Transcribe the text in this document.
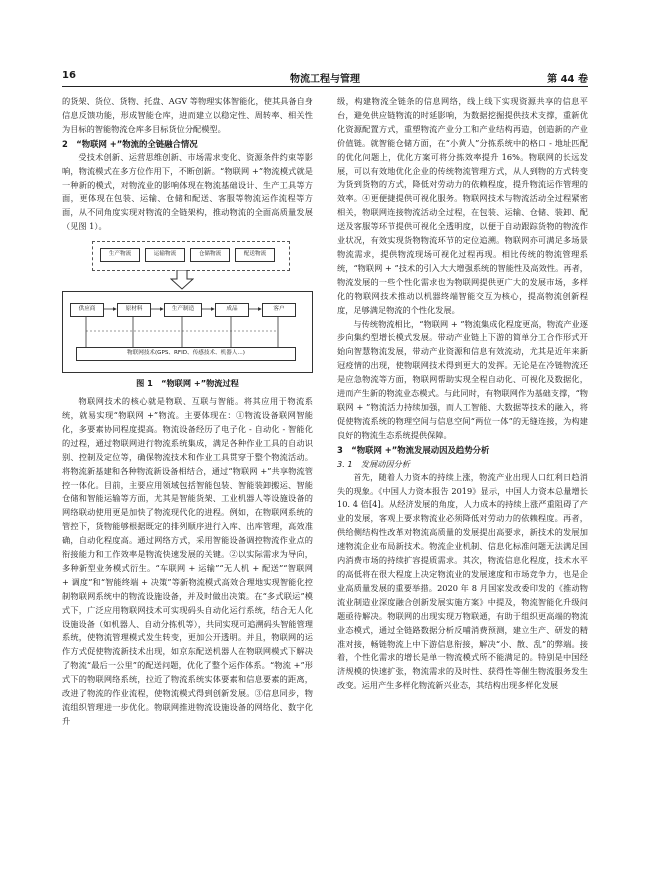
16	物流工程与管理	第 44 卷

的货架、货位、货物、托盘、AGV 等物理实体智能化，使其具备自身信息反馈功能，形成智能仓库，进而建立以稳定性、周转率、相关性为目标的智能物流仓库多目标货位分配模型。

2　“物联网 +”物流的全链融合情况

受技术创新、运营思维创新、市场需求变化、资源条件约束等影响，物流模式在多方位作用下，不断创新。“物联网 +”物流模式就是一种新的模式，对物流业的影响体现在物流基础设计、生产工具等方面，更体现在包装、运输、仓储和配送、客服等物流运作流程等方面，从不同角度实现对物流的全链架构，推动物流的全面高质量发展（见图 1）。

生产物流	运输物流	仓储物流	配送物流
供应商	原材料	生产制造	成品	客户
物联网技术(GPS、RFID、传感技术、机器人...)

图 1　“物联网 +”物流过程

物联网技术的核心就是物联、互联与智能。将其应用于物流系统，就易实现“物联网 +”物流。主要体现在：①物流设备联网智能化，多要素协同程度提高。物流设备经历了电子化 - 自动化 - 智能化的过程，通过物联网进行物流系统集成，满足各种作业工具的自动识别、控制及定位等，确保物流技术和作业工具贯穿于整个物流活动。将物流新基建和各种物流新设备相结合，通过“物联网 +”共享物流管控一体化。目前，主要应用领域包括智能包装、智能装卸搬运、智能仓储和智能运输等方面，尤其是智能货架、工业机器人等设施设备的网络联动使用更是加快了物流现代化的进程。例如，在物联网系统的管控下，货物能够根据既定的排列顺序进行入库、出库管理，高效准确，自动化程度高。通过网络方式，采用智能设备调控物流作业点的衔接能力和工作效率是物流快速发展的关键。②以实际需求为导向，多种新型业务模式衍生。“车联网 + 运输”“无人机 + 配送”“智联网 + 调度”和“智能终端 + 决策”等新物流模式高效合理地实现智能化控制物联网系统中的物流设施设备，并及时做出决策。在“多式联运”模式下，广泛应用物联网技术可实现码头自动化运行系统，结合无人化设施设备（如机器人、自动分拣机等），共同实现可追溯码头智能管理系统，使物流管理模式发生转变，更加公开透明。并且，物联网的运作方式促使物流新技术出现，如京东配送机器人在物联网模式下解决了物流“最后一公里”的配送问题，优化了整个运作体系。“物流 +”形式下的物联网络系统，拉近了物流系统实体要素和信息要素的距离，改进了物流的作业流程，使物流模式得到创新发展。③信息同步，物流组织管理进一步优化。物联网推进物流设施设备的网络化、数字化升

级，构建物流全链条的信息网络，线上线下实现资源共享的信息平台，避免供应链物流的时延影响，为数据挖掘提供技术支撑，重新优化资源配置方式，重塑物流产业分工和产业结构再造，创造新的产业价值链。就智能仓储方面，在“小黄人”分拣系统中的格口 - 地址匹配的优化问题上，优化方案可将分拣效率提升 16%。物联网的长远发展，可以有效地优化企业的传统物流管理方式，从人到物的方式转变为货到货物的方式，降低对劳动力的依赖程度，提升物流运作管理的效率。④更便捷提供可视化服务。物联网技术与物流活动全过程紧密相关，物联网连接物流活动全过程，在包装、运输、仓储、装卸、配送及客服等环节提供可视化全透明度，以便于自动跟踪货物的物流作业状况，有效实现货物物流环节的定位追溯。物联网亦可满足多场景物流需求，提供物流现场可视化过程再现。相比传统的物流管理系统，“物联网 + ”技术的引入大大增强系统的智能性及高效性。再者，物流发展的一些个性化需求也为物联网提供更广大的发展市场，多样化的物联网技术推动以机器终端智能交互为核心，提高物流创新程度，足够满足物流的个性化发展。

与传统物流相比，“物联网 + ”物流集成化程度更高，物流产业逐步向集约型增长模式发展。带动产业链上下游的简单分工合作形式开始向智慧物流发展，带动产业资源和信息有效流动，尤其是近年来新冠疫情的出现，使物联网技术得到更大的发挥。无论是在冷链物流还是应急物流等方面，物联网帮助实现全程自动化、可视化及数据化，进而产生新的物流业态模式。与此同时，有物联网作为基础支撑，“物联网 + ”物流活力持续加强，而人工智能、大数据等技术的融入，将促使物流系统的物理空间与信息空间“两位一体”的无缝连接，为构建良好的物流生态系统提供保障。

3　“物联网 +”物流发展动因及趋势分析

3. 1　发展动因分析

首先，随着人力资本的持续上涨，物流产业出现人口红利日趋消失的现象。《中国人力资本报告 2019》显示，中国人力资本总量增长 10. 4 倍[4]。从经济发展的角度，人力成本的持续上涨严重阻碍了产业的发展，客观上要求物流业必须降低对劳动力的依赖程度。再者，供给侧结构性改革对物流高质量的发展提出高要求，新技术的发展加速物流企业布局新技术。物流企业机制、信息化标准问题无法满足国内消费市场的持续扩容提质需求。其次，物流信息化程度，技术水平的高低将在很大程度上决定物流业的发展速度和市场竞争力，也是企业高质量发展的重要举措。2020 年 8 月国家发改委印发的《推动物流业制造业深度融合创新发展实施方案》中提及，物流智能化升级问题亟待解决。物联网的出现实现万物联通，有助于组织更高端的物流业态模式，通过全链路数据分析反哺消费预测，建立生产、研发的精准对接，畅链物流上中下游信息衔接，解决“小、散、乱”的弊端。接着，个性化需求的增长是单一物流模式所不能满足的。特别是中国经济规模的快速扩张，物流需求的及时性、获得性等催生物流服务发生改变。运用产生多样化物流新兴业态，其结构出现多样化发展
